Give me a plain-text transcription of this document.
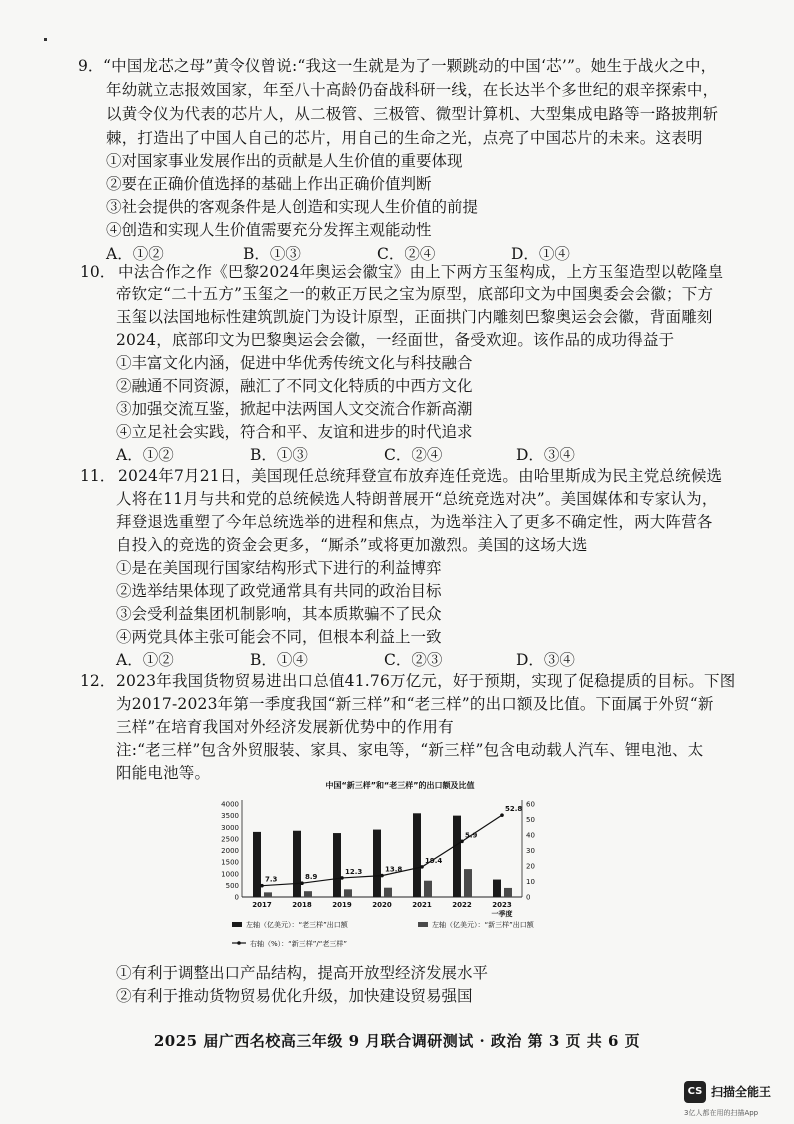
9． “中国龙芯之母”黄令仪曾说:“我这一生就是为了一颗跳动的中国‘芯’”。她生于战火之中，
年幼就立志报效国家，年至八十高龄仍奋战科研一线，在长达半个多世纪的艰辛探索中，
以黄令仪为代表的芯片人，从二极管、三极管、微型计算机、大型集成电路等一路披荆斩
棘，打造出了中国人自己的芯片，用自己的生命之光，点亮了中国芯片的未来。这表明
①对国家事业发展作出的贡献是人生价值的重要体现
②要在正确价值选择的基础上作出正确价值判断
③社会提供的客观条件是人创造和实现人生价值的前提
④创造和实现人生价值需要充分发挥主观能动性
A．①②	B．①③	C．②④	D．①④
10． 中法合作之作《巴黎2024年奥运会徽宝》由上下两方玉玺构成，上方玉玺造型以乾隆皇
帝钦定“二十五方”玉玺之一的敕正万民之宝为原型，底部印文为中国奥委会会徽；下方
玉玺以法国地标性建筑凯旋门为设计原型，正面拱门内雕刻巴黎奥运会会徽，背面雕刻
2024，底部印文为巴黎奥运会会徽，一经面世，备受欢迎。该作品的成功得益于
①丰富文化内涵，促进中华优秀传统文化与科技融合
②融通不同资源，融汇了不同文化特质的中西方文化
③加强交流互鉴，掀起中法两国人文交流合作新高潮
④立足社会实践，符合和平、友谊和进步的时代追求
A．①②	B．①③	C．②④	D．③④
11． 2024年7月21日，美国现任总统拜登宣布放弃连任竞选。由哈里斯成为民主党总统候选
人将在11月与共和党的总统候选人特朗普展开“总统竞选对决”。美国媒体和专家认为，
拜登退选重塑了今年总统选举的进程和焦点，为选举注入了更多不确定性，两大阵营各
自投入的竞选的资金会更多，“厮杀”或将更加激烈。美国的这场大选
①是在美国现行国家结构形式下进行的利益博弈
②选举结果体现了政党通常具有共同的政治目标
③会受利益集团机制影响，其本质欺骗不了民众
④两党具体主张可能会不同，但根本利益上一致
A．①②	B．①④	C．②③	D．③④
12． 2023年我国货物贸易进出口总值41.76万亿元，好于预期，实现了促稳提质的目标。下图
为2017-2023年第一季度我国“新三样”和“老三样”的出口额及比值。下面属于外贸“新
三样”在培育我国对外经济发展新优势中的作用有
注:“老三样”包含外贸服装、家具、家电等，“新三样”包含电动载人汽车、锂电池、太
阳能电池等。
中国“新三样”和“老三样”的出口额及比值
0
500
1000
1500
2000
2500
3000
3500
4000
0
10
20
30
40
50
60
2017	2018	2019	2020	2021	2022	2023
一季度
7.3	8.9
12.3	13.8
19.4
5.9
52.8
左轴（亿美元）：“老三样”出口额	左轴（亿美元）：“新三样”出口额
右轴（%）：“新三样”/“老三样”
①有利于调整出口产品结构，提高开放型经济发展水平
②有利于推动货物贸易优化升级，加快建设贸易强国
2025 届广西名校高三年级 9 月联合调研测试 · 政治 第 3 页 共 6 页
CS 扫描全能王
3亿人都在用的扫描App
